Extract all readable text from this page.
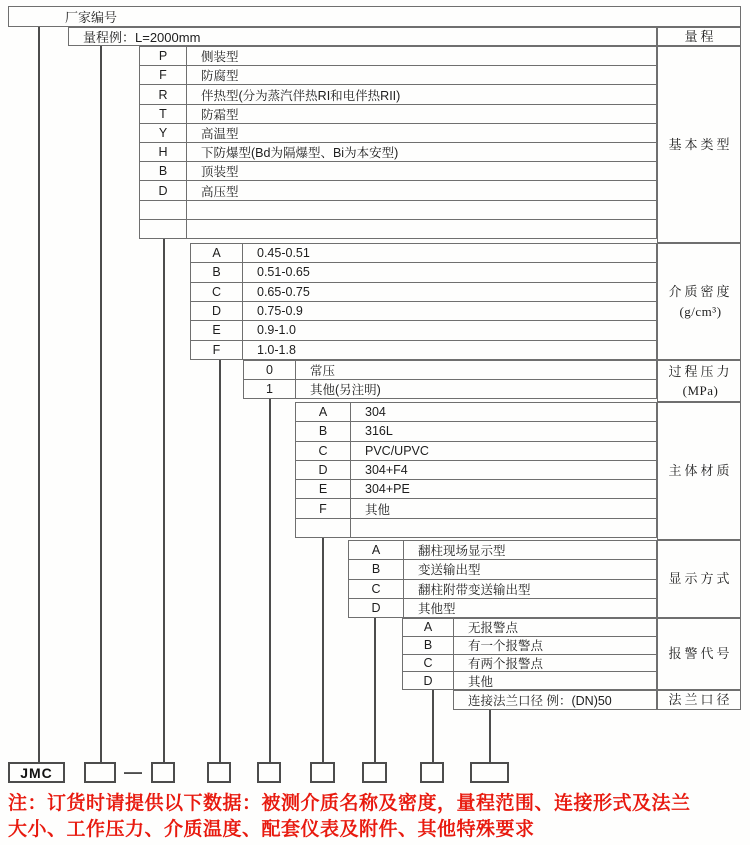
厂家编号
量程例：L=2000mm	量程
P	侧装型
F	防腐型
R	伴热型(分为蒸汽伴热RI和电伴热RII)
T	防霜型
Y	高温型
H	下防爆型(Bd为隔爆型、Bi为本安型)
B	顶装型
D	高压型
基本类型
A	0.45-0.51
B	0.51-0.65
C	0.65-0.75
D	0.75-0.9
E	0.9-1.0
F	1.0-1.8
介质密度
(g/cm³)
0	常压
1	其他(另注明)
过程压力
(MPa)
A	304
B	316L
C	PVC/UPVC
D	304+F4
E	304+PE
F	其他
主体材质
A	翻柱现场显示型
B	变送输出型
C	翻柱附带变送输出型
D	其他型
显示方式
A	无报警点
B	有一个报警点
C	有两个报警点
D	其他
报警代号
连接法兰口径 例：(DN)50	法兰口径
JMC	—
注：订货时请提供以下数据：被测介质名称及密度，量程范围、连接形式及法兰
大小、工作压力、介质温度、配套仪表及附件、其他特殊要求
